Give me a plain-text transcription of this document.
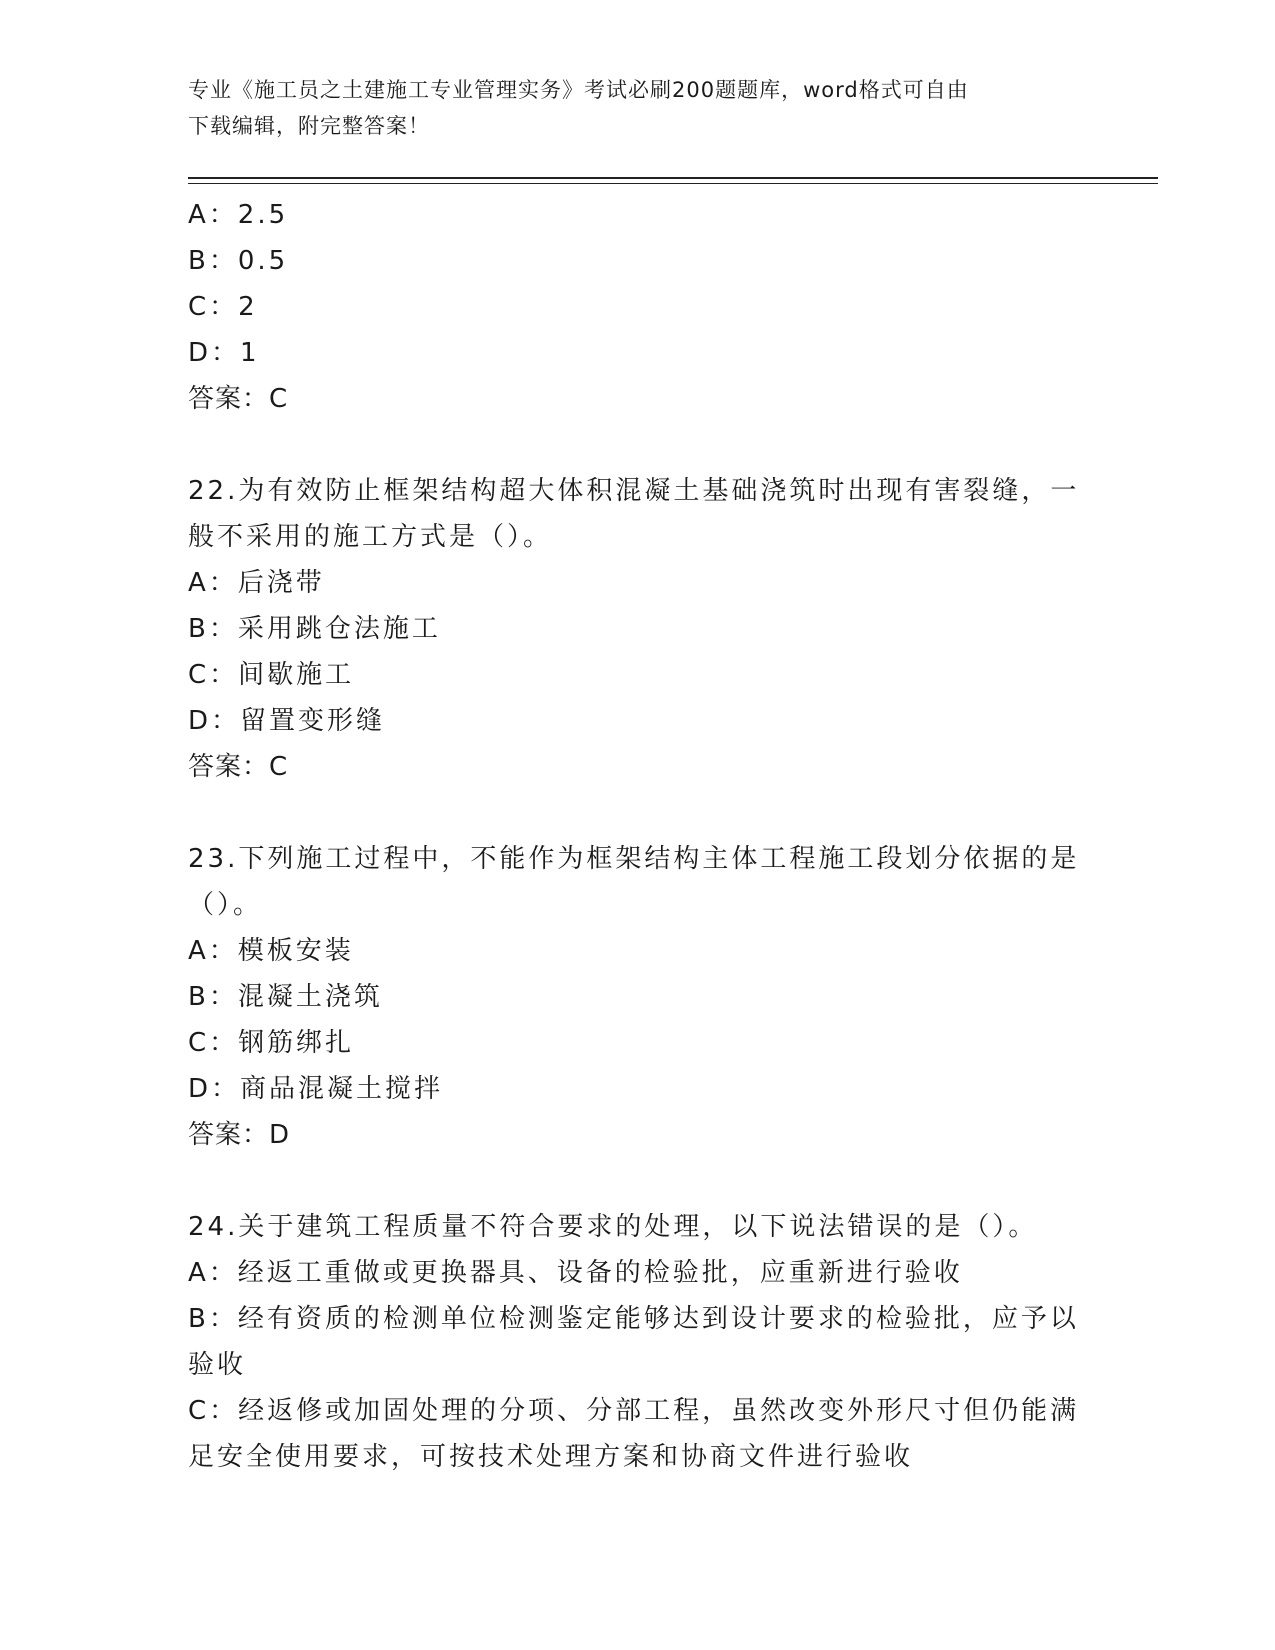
专业《施工员之土建施工专业管理实务》考试必刷200题题库，word格式可自由
下载编辑，附完整答案！
A：2.5
B：0.5
C：2
D：1
答案：C
22.为有效防止框架结构超大体积混凝土基础浇筑时出现有害裂缝，一
般不采用的施工方式是（）。
A：后浇带
B：采用跳仓法施工
C：间歇施工
D：留置变形缝
答案：C
23.下列施工过程中，不能作为框架结构主体工程施工段划分依据的是
（）。
A：模板安装
B：混凝土浇筑
C：钢筋绑扎
D：商品混凝土搅拌
答案：D
24.关于建筑工程质量不符合要求的处理，以下说法错误的是（）。
A：经返工重做或更换器具、设备的检验批，应重新进行验收
B：经有资质的检测单位检测鉴定能够达到设计要求的检验批，应予以
验收
C：经返修或加固处理的分项、分部工程，虽然改变外形尺寸但仍能满
足安全使用要求，可按技术处理方案和协商文件进行验收
